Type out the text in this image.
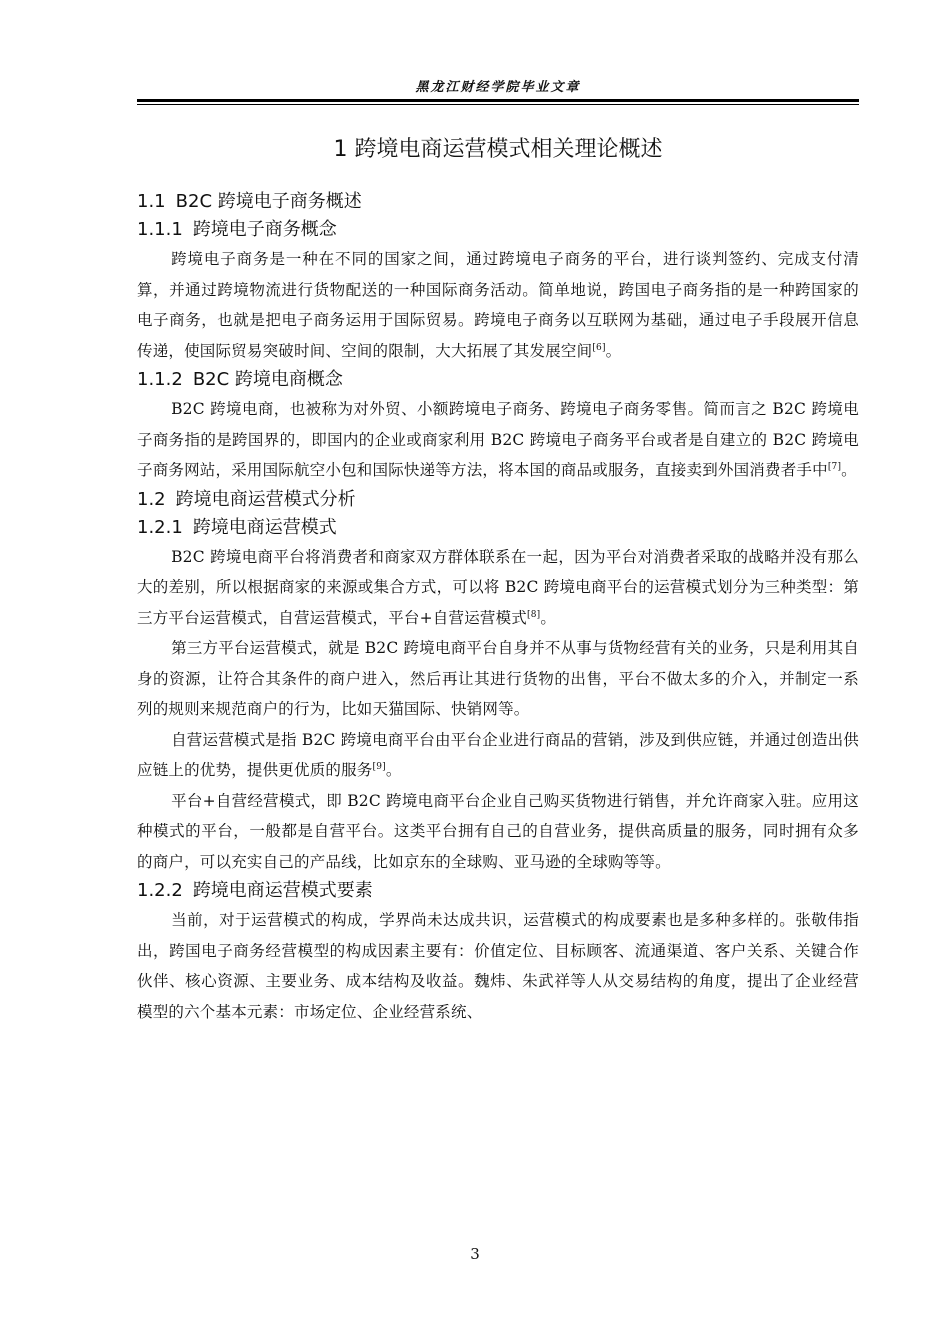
黑龙江财经学院毕业文章
1 跨境电商运营模式相关理论概述
1.1 B2C 跨境电子商务概述
1.1.1 跨境电子商务概念

跨境电子商务是一种在不同的国家之间，通过跨境电子商务的平台，进行谈判签约、完成支付清算，并通过跨境物流进行货物配送的一种国际商务活动。简单地说，跨国电子商务指的是一种跨国家的电子商务，也就是把电子商务运用于国际贸易。跨境电子商务以互联网为基础，通过电子手段展开信息传递，使国际贸易突破时间、空间的限制，大大拓展了其发展空间[6]。

1.1.2 B2C 跨境电商概念

B2C 跨境电商，也被称为对外贸、小额跨境电子商务、跨境电子商务零售。简而言之 B2C 跨境电子商务指的是跨国界的，即国内的企业或商家利用 B2C 跨境电子商务平台或者是自建立的 B2C 跨境电子商务网站，采用国际航空小包和国际快递等方法，将本国的商品或服务，直接卖到外国消费者手中[7]。

1.2 跨境电商运营模式分析
1.2.1 跨境电商运营模式

B2C 跨境电商平台将消费者和商家双方群体联系在一起，因为平台对消费者采取的战略并没有那么大的差别，所以根据商家的来源或集合方式，可以将 B2C 跨境电商平台的运营模式划分为三种类型：第三方平台运营模式，自营运营模式，平台+自营运营模式[8]。

第三方平台运营模式，就是 B2C 跨境电商平台自身并不从事与货物经营有关的业务，只是利用其自身的资源，让符合其条件的商户进入，然后再让其进行货物的出售，平台不做太多的介入，并制定一系列的规则来规范商户的行为，比如天猫国际、快销网等。

自营运营模式是指 B2C 跨境电商平台由平台企业进行商品的营销，涉及到供应链，并通过创造出供应链上的优势，提供更优质的服务[9]。

平台+自营经营模式，即 B2C 跨境电商平台企业自己购买货物进行销售，并允许商家入驻。应用这种模式的平台，一般都是自营平台。这类平台拥有自己的自营业务，提供高质量的服务，同时拥有众多的商户，可以充实自己的产品线，比如京东的全球购、亚马逊的全球购等等。

1.2.2 跨境电商运营模式要素

当前，对于运营模式的构成，学界尚未达成共识，运营模式的构成要素也是多种多样的。张敬伟指出，跨国电子商务经营模型的构成因素主要有：价值定位、目标顾客、流通渠道、客户关系、关键合作伙伴、核心资源、主要业务、成本结构及收益。魏炜、朱武祥等人从交易结构的角度，提出了企业经营模型的六个基本元素：市场定位、企业经营系统、

3
